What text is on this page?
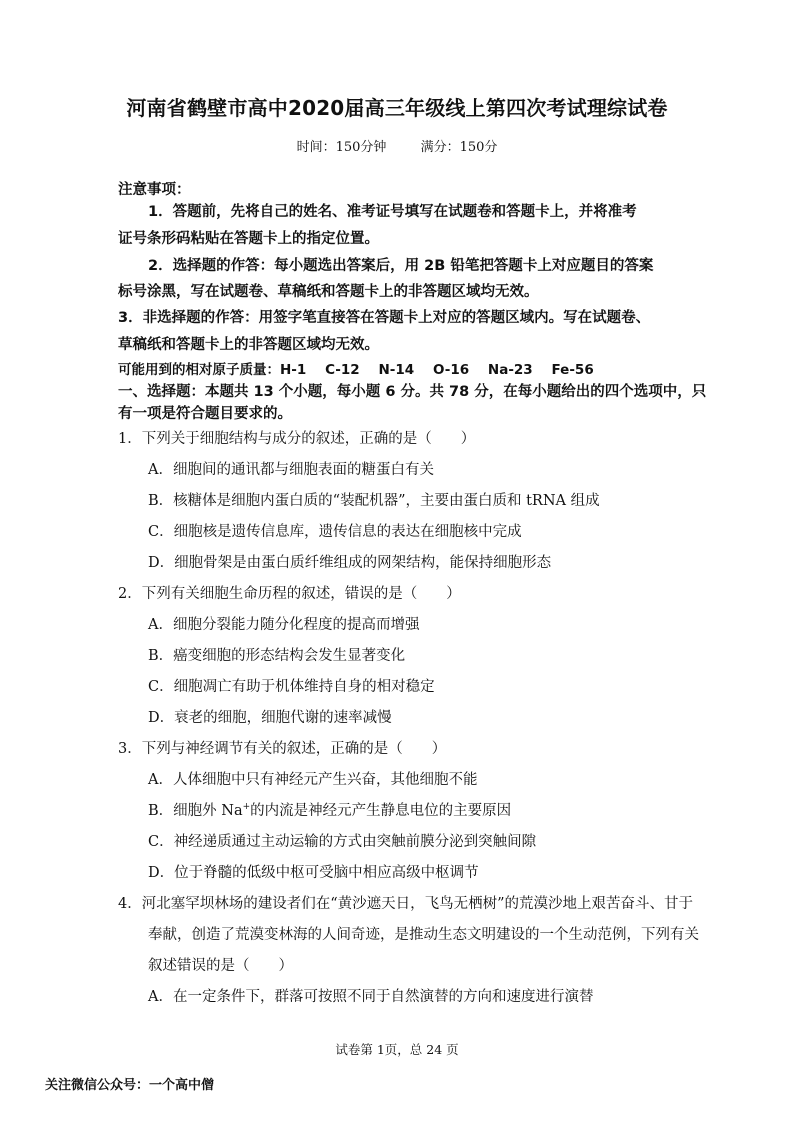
河南省鹤壁市高中2020届高三年级线上第四次考试理综试卷
时间：150分钟	满分：150分
注意事项：
1．答题前，先将自己的姓名、准考证号填写在试题卷和答题卡上，并将准考
证号条形码粘贴在答题卡上的指定位置。
2．选择题的作答：每小题选出答案后，用 2B 铅笔把答题卡上对应题目的答案
标号涂黑，写在试题卷、草稿纸和答题卡上的非答题区域均无效。
3．非选择题的作答：用签字笔直接答在答题卡上对应的答题区域内。写在试题卷、
草稿纸和答题卡上的非答题区域均无效。
可能用到的相对原子质量：H-1    C-12    N-14    O-16    Na-23    Fe-56
一、选择题：本题共 13 个小题，每小题 6 分。共 78 分，在每小题给出的四个选项中，只
有一项是符合题目要求的。
1．下列关于细胞结构与成分的叙述，正确的是（　　）
A．细胞间的通讯都与细胞表面的糖蛋白有关
B．核糖体是细胞内蛋白质的“装配机器”，主要由蛋白质和 tRNA 组成
C．细胞核是遗传信息库，遗传信息的表达在细胞核中完成
D．细胞骨架是由蛋白质纤维组成的网架结构，能保持细胞形态
2．下列有关细胞生命历程的叙述，错误的是（　　）
A．细胞分裂能力随分化程度的提高而增强
B．癌变细胞的形态结构会发生显著变化
C．细胞凋亡有助于机体维持自身的相对稳定
D．衰老的细胞，细胞代谢的速率减慢
3．下列与神经调节有关的叙述，正确的是（　　）
A．人体细胞中只有神经元产生兴奋，其他细胞不能
B．细胞外 Na+的内流是神经元产生静息电位的主要原因
C．神经递质通过主动运输的方式由突触前膜分泌到突触间隙
D．位于脊髓的低级中枢可受脑中相应高级中枢调节
4．河北塞罕坝林场的建设者们在“黄沙遮天日，飞鸟无栖树”的荒漠沙地上艰苦奋斗、甘于
奉献，创造了荒漠变林海的人间奇迹，是推动生态文明建设的一个生动范例，下列有关
叙述错误的是（　　）
A．在一定条件下，群落可按照不同于自然演替的方向和速度进行演替
试卷第 1页，总 24 页
关注微信公众号：一个高中僧
